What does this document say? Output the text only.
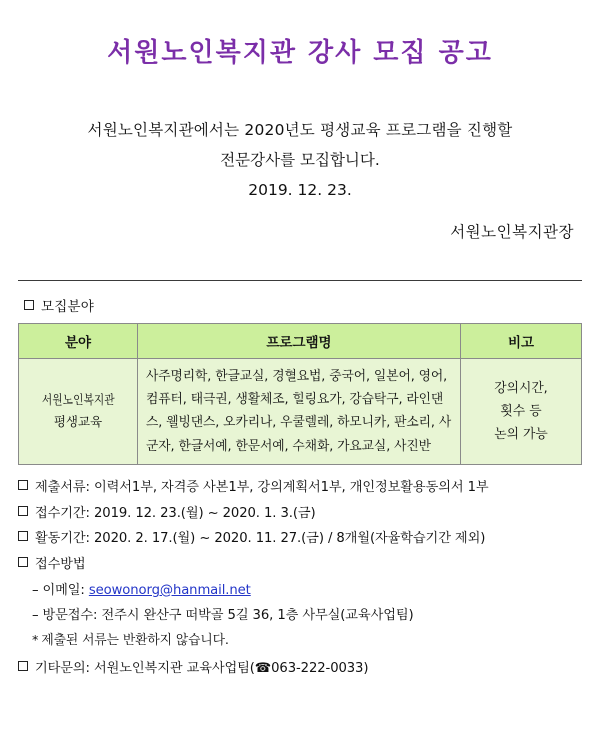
서원노인복지관 강사 모집 공고
서원노인복지관에서는 2020년도 평생교육 프로그램을 진행할
전문강사를 모집합니다.
2019. 12. 23.
서원노인복지관장
모집분야
분야	프로그램명	비고
서원노인복지관
평생교육	사주명리학, 한글교실, 경혈요법, 중국어, 일본어, 영어, 컴퓨터, 태극권, 생활체조, 힐링요가, 강습탁구, 라인댄스, 웰빙댄스, 오카리나, 우쿨렐레, 하모니카, 판소리, 사군자, 한글서예, 한문서예, 수채화, 가요교실, 사진반	강의시간,
횟수 등
논의 가능
제출서류: 이력서1부, 자격증 사본1부, 강의계획서1부, 개인정보활용동의서 1부
접수기간: 2019. 12. 23.(월) ~ 2020. 1. 3.(금)
활동기간: 2020. 2. 17.(월) ~ 2020. 11. 27.(금) / 8개월(자율학습기간 제외)
접수방법
– 이메일: seowonorg@hanmail.net
– 방문접수: 전주시 완산구 떠박골 5길 36, 1층 사무실(교육사업팀)
* 제출된 서류는 반환하지 않습니다.
기타문의: 서원노인복지관 교육사업팀(☎063-222-0033)
